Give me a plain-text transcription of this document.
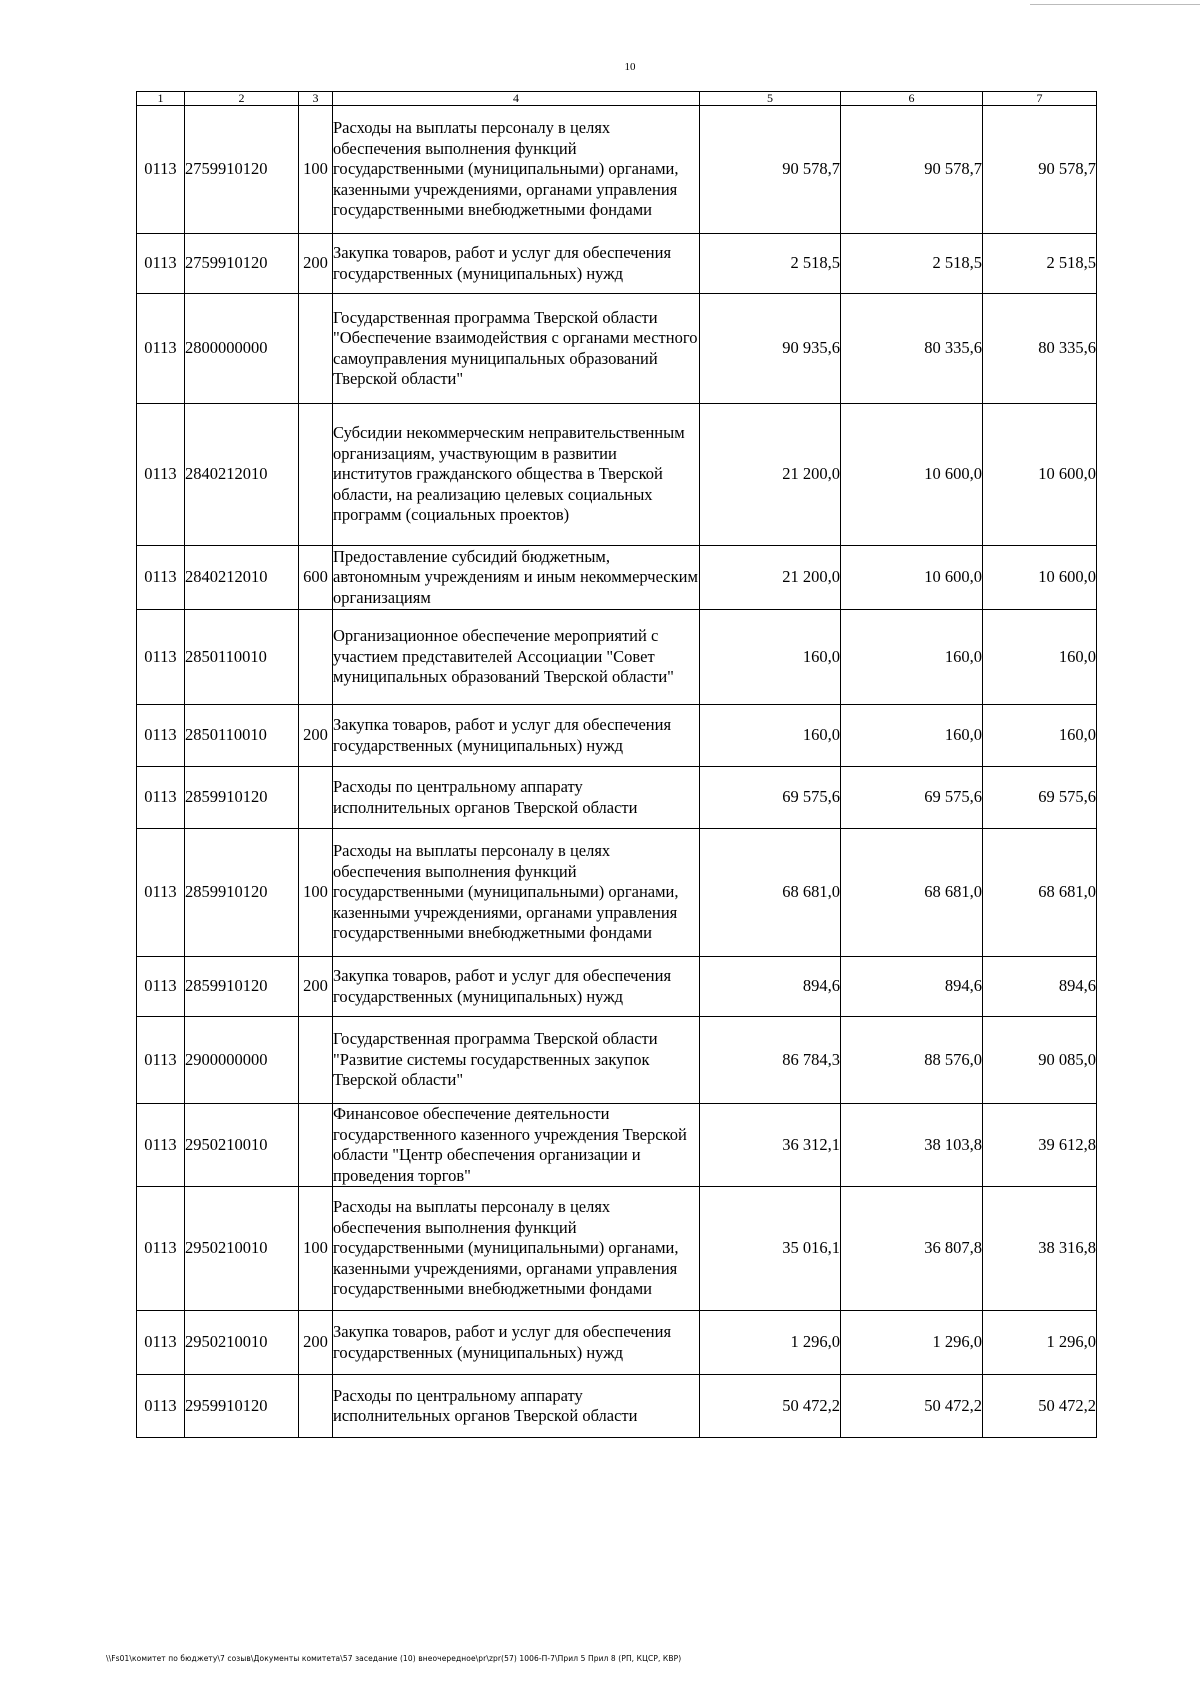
10
1	2	3	4	5	6	7
0113	2759910120	100	Расходы на выплаты персоналу в целях обеспечения выполнения функций государственными (муниципальными) органами, казенными учреждениями, органами управления государственными внебюджетными фондами	90 578,7	90 578,7	90 578,7
0113	2759910120	200	Закупка товаров, работ и услуг для обеспечения государственных (муниципальных) нужд	2 518,5	2 518,5	2 518,5
0113	2800000000		Государственная программа Тверской области "Обеспечение взаимодействия с органами местного самоуправления муниципальных образований Тверской области"	90 935,6	80 335,6	80 335,6
0113	2840212010		Субсидии некоммерческим неправительственным организациям, участвующим в развитии институтов гражданского общества в Тверской области, на реализацию целевых социальных программ (социальных проектов)	21 200,0	10 600,0	10 600,0
0113	2840212010	600	Предоставление субсидий бюджетным, автономным учреждениям и иным некоммерческим организациям	21 200,0	10 600,0	10 600,0
0113	2850110010		Организационное обеспечение мероприятий с участием представителей Ассоциации "Совет муниципальных образований Тверской области"	160,0	160,0	160,0
0113	2850110010	200	Закупка товаров, работ и услуг для обеспечения государственных (муниципальных) нужд	160,0	160,0	160,0
0113	2859910120		Расходы по центральному аппарату исполнительных органов Тверской области	69 575,6	69 575,6	69 575,6
0113	2859910120	100	Расходы на выплаты персоналу в целях обеспечения выполнения функций государственными (муниципальными) органами, казенными учреждениями, органами управления государственными внебюджетными фондами	68 681,0	68 681,0	68 681,0
0113	2859910120	200	Закупка товаров, работ и услуг для обеспечения государственных (муниципальных) нужд	894,6	894,6	894,6
0113	2900000000		Государственная программа Тверской области "Развитие системы государственных закупок Тверской области"	86 784,3	88 576,0	90 085,0
0113	2950210010		Финансовое обеспечение деятельности государственного казенного учреждения Тверской области "Центр обеспечения организации и проведения торгов"	36 312,1	38 103,8	39 612,8
0113	2950210010	100	Расходы на выплаты персоналу в целях обеспечения выполнения функций государственными (муниципальными) органами, казенными учреждениями, органами управления государственными внебюджетными фондами	35 016,1	36 807,8	38 316,8
0113	2950210010	200	Закупка товаров, работ и услуг для обеспечения государственных (муниципальных) нужд	1 296,0	1 296,0	1 296,0
0113	2959910120		Расходы по центральному аппарату исполнительных органов Тверской области	50 472,2	50 472,2	50 472,2
\\Fs01\комитет по бюджету\7 созыв\Документы комитета\57 заседание (10) внеочередное\pr\zpr(57) 1006-П-7\Прил 5 Прил 8 (РП, КЦСР, КВР)
